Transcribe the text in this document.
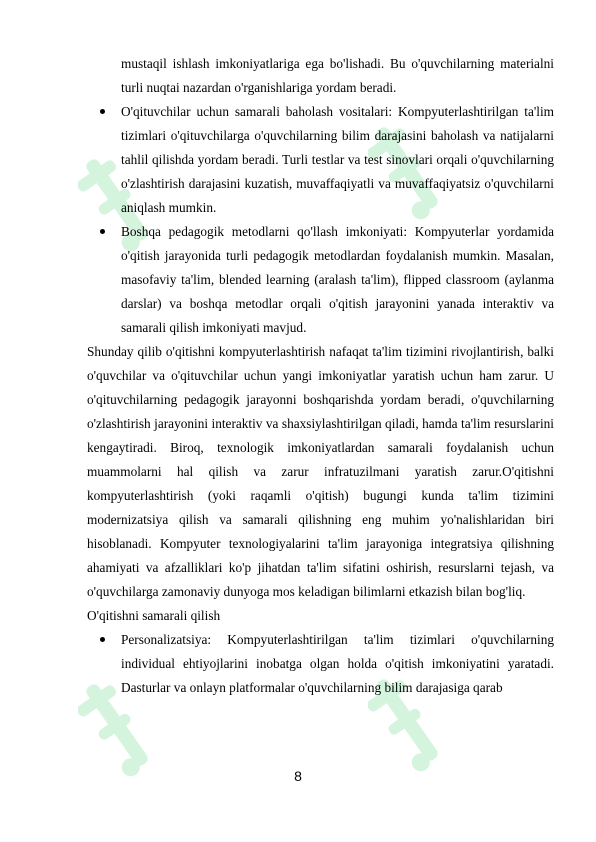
mustaqil ishlash imkoniyatlariga ega bo'lishadi. Bu o'quvchilarning materialni turli nuqtai nazardan o'rganishlariga yordam beradi.

O'qituvchilar uchun samarali baholash vositalari: Kompyuterlashtirilgan ta'lim tizimlari o'qituvchilarga o'quvchilarning bilim darajasini baholash va natijalarni tahlil qilishda yordam beradi. Turli testlar va test sinovlari orqali o'quvchilarning o'zlashtirish darajasini kuzatish, muvaffaqiyatli va muvaffaqiyatsiz o'quvchilarni aniqlash mumkin.

Boshqa pedagogik metodlarni qo'llash imkoniyati: Kompyuterlar yordamida o'qitish jarayonida turli pedagogik metodlardan foydalanish mumkin. Masalan, masofaviy ta'lim, blended learning (aralash ta'lim), flipped classroom (aylanma darslar) va boshqa metodlar orqali o'qitish jarayonini yanada interaktiv va samarali qilish imkoniyati mavjud.

Shunday qilib o'qitishni kompyuterlashtirish nafaqat ta'lim tizimini rivojlantirish, balki o'quvchilar va o'qituvchilar uchun yangi imkoniyatlar yaratish uchun ham zarur. U o'qituvchilarning pedagogik jarayonni boshqarishda yordam beradi, o'quvchilarning o'zlashtirish jarayonini interaktiv va shaxsiylashtirilgan qiladi, hamda ta'lim resurslarini kengaytiradi. Biroq, texnologik imkoniyatlardan samarali foydalanish uchun muammolarni hal qilish va zarur infratuzilmani yaratish zarur.O'qitishni kompyuterlashtirish (yoki raqamli o'qitish) bugungi kunda ta'lim tizimini modernizatsiya qilish va samarali qilishning eng muhim yo'nalishlaridan biri hisoblanadi. Kompyuter texnologiyalarini ta'lim jarayoniga integratsiya qilishning ahamiyati va afzalliklari ko'p jihatdan ta'lim sifatini oshirish, resurslarni tejash, va o'quvchilarga zamonaviy dunyoga mos keladigan bilimlarni etkazish bilan bog'liq.

O'qitishni samarali qilish

Personalizatsiya: Kompyuterlashtirilgan ta'lim tizimlari o'quvchilarning individual ehtiyojlarini inobatga olgan holda o'qitish imkoniyatini yaratadi. Dasturlar va onlayn platformalar o'quvchilarning bilim darajasiga qarab

8
